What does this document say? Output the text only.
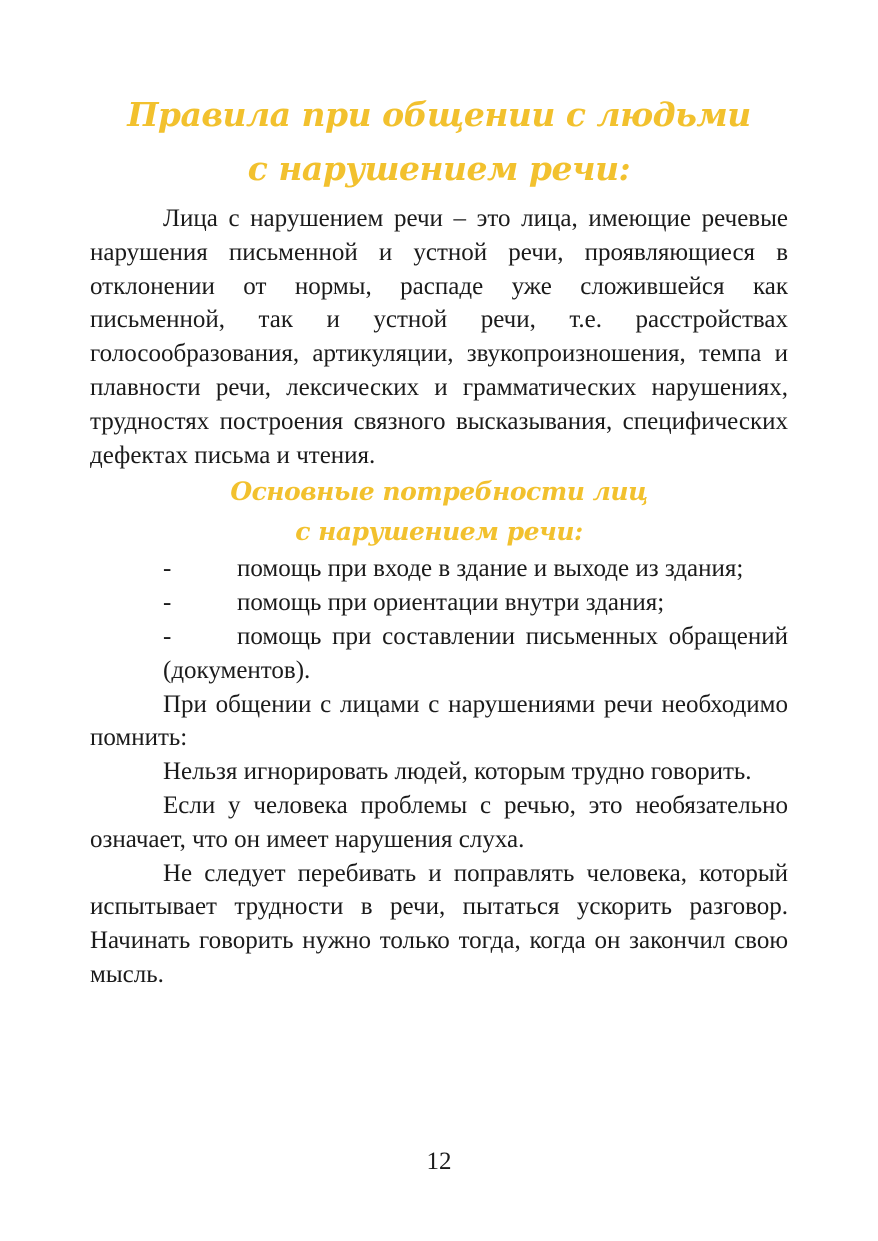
Правила при общении с людьми
с нарушением речи:

Лица с нарушением речи – это лица, имеющие речевые нарушения письменной и устной речи, проявляющиеся в отклонении от нормы, распаде уже сложившейся как письменной, так и устной речи, т.е. расстройствах голосообразования, артикуляции, звукопроизношения, темпа и плавности речи, лексических и грамматических нарушениях, трудностях построения связного высказывания, специфических дефектах письма и чтения.

Основные потребности лиц
с нарушением речи:
-	помощь при входе в здание и выходе из здания;
-	помощь при ориентации внутри здания;
-	помощь при составлении письменных обращений (документов).

При общении с лицами с нарушениями речи необходимо помнить:

Нельзя игнорировать людей, которым трудно говорить.

Если у человека проблемы с речью, это необязательно означает, что он имеет нарушения слуха.

Не следует перебивать и поправлять человека, который испытывает трудности в речи, пытаться ускорить разговор. Начинать говорить нужно только тогда, когда он закончил свою мысль.

12
